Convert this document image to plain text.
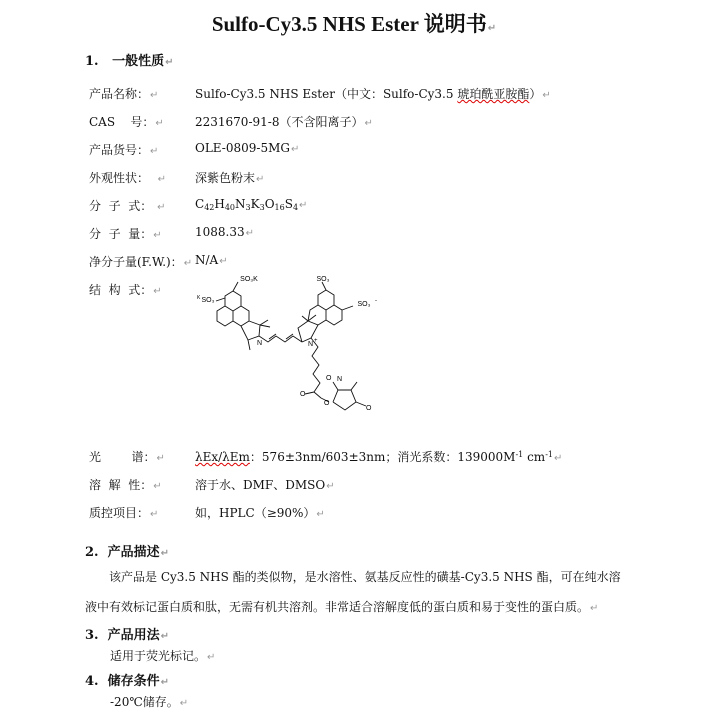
Sulfo-Cy3.5 NHS Ester 说明书↵
1. 一般性质↵
产品名称：↵	Sulfo-Cy3.5 NHS Ester（中文：Sulfo-Cy3.5 琥珀酰亚胺酯）↵
CAS    号：↵	2231670-91-8（不含阳离子）↵
产品货号：↵	OLE-0809-5MG↵
外观性状： ↵ 深紫色粉末↵
分  子  式： ↵ $C_{42}H_{40}N_3K_3O_{16}S_4↵$
分  子  量：↵	1088.33↵
净分子量(F.W.)：↵ N/A↵
结  构  式：↵
SO₃K	SO₃
SO₃
SO₃
K	-
N	N +
O
O
N
O
O
光        谱：↵	λEx/λEm：576±3nm/603±3nm；消光系数：$139000M^{-1}$ $cm^{-1}↵$
溶  解  性：↵	溶于水、DMF、DMSO↵
质控项目：↵	如，HPLC（≥90%）↵
2. 产品描述↵
该产品是 Cy3.5 NHS 酯的类似物，是水溶性、氨基反应性的磺基-Cy3.5 NHS 酯，可在纯水溶液中有效标记蛋白质和肽，无需有机共溶剂。非常适合溶解度低的蛋白质和易于变性的蛋白质。↵
3. 产品用法↵
适用于荧光标记。↵
4. 储存条件↵
-20℃储存。↵
